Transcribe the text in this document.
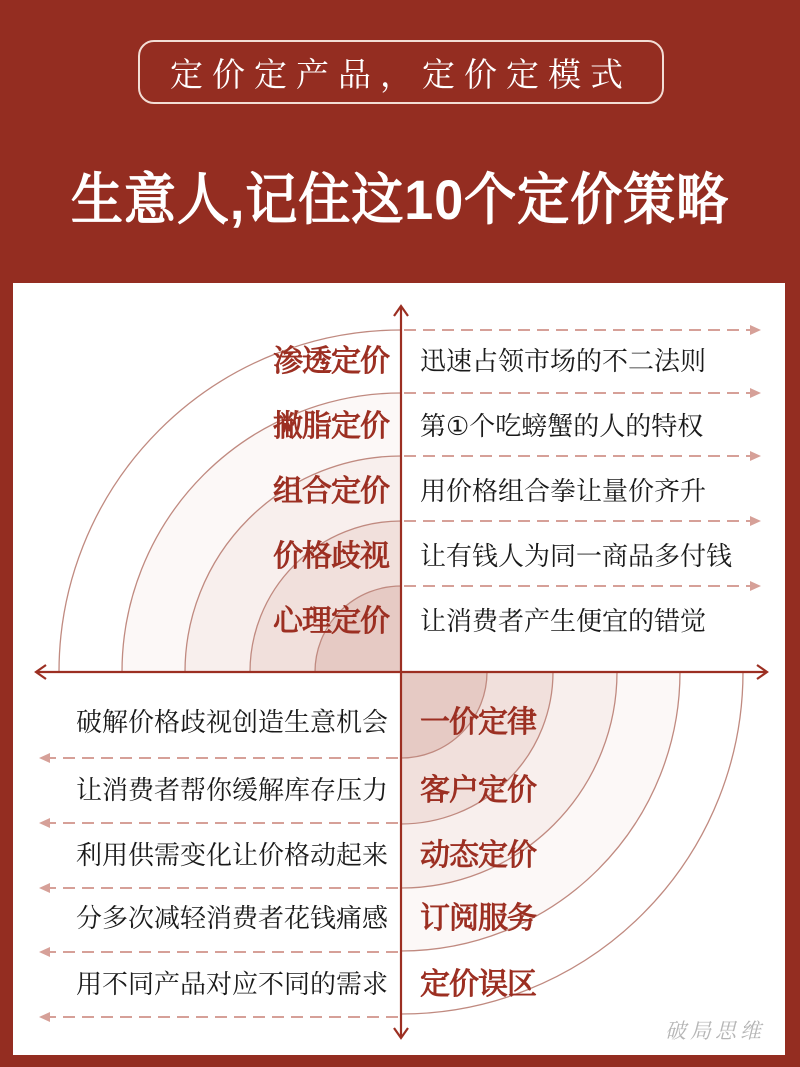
定价定产品，定价定模式
生意人,记住这10个定价策略
渗透定价 迅速占领市场的不二法则
撇脂定价 第①个吃螃蟹的人的特权
组合定价 用价格组合拳让量价齐升
价格歧视 让有钱人为同一商品多付钱
心理定价 让消费者产生便宜的错觉
破解价格歧视创造生意机会 一价定律
让消费者帮你缓解库存压力 客户定价
利用供需变化让价格动起来 动态定价
分多次减轻消费者花钱痛感 订阅服务
用不同产品对应不同的需求 定价误区
破局思维
